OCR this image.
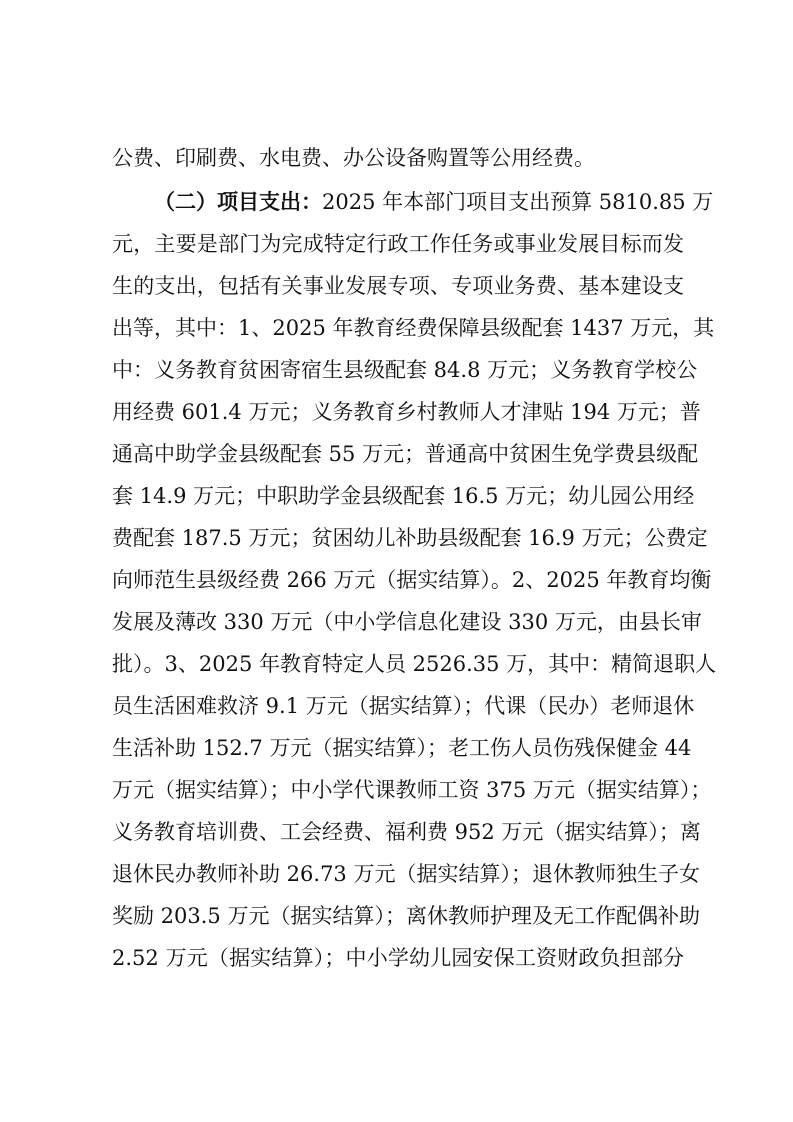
公费、印刷费、水电费、办公设备购置等公用经费。
（二）项目支出：2025 年本部门项目支出预算 5810.85 万
元，主要是部门为完成特定行政工作任务或事业发展目标而发
生的支出，包括有关事业发展专项、专项业务费、基本建设支
出等，其中：1、2025 年教育经费保障县级配套 1437 万元，其
中：义务教育贫困寄宿生县级配套 84.8 万元；义务教育学校公
用经费 601.4 万元；义务教育乡村教师人才津贴 194 万元；普
通高中助学金县级配套 55 万元；普通高中贫困生免学费县级配
套 14.9 万元；中职助学金县级配套 16.5 万元；幼儿园公用经
费配套 187.5 万元；贫困幼儿补助县级配套 16.9 万元；公费定
向师范生县级经费 266 万元（据实结算）。2、2025 年教育均衡
发展及薄改 330 万元（中小学信息化建设 330 万元，由县长审
批）。3、2025 年教育特定人员 2526.35 万，其中：精简退职人
员生活困难救济 9.1 万元（据实结算）；代课（民办）老师退休
生活补助 152.7 万元（据实结算）；老工伤人员伤残保健金 44
万元（据实结算）；中小学代课教师工资 375 万元（据实结算）；
义务教育培训费、工会经费、福利费 952 万元（据实结算）；离
退休民办教师补助 26.73 万元（据实结算）；退休教师独生子女
奖励 203.5 万元（据实结算）；离休教师护理及无工作配偶补助
2.52 万元（据实结算）；中小学幼儿园安保工资财政负担部分
